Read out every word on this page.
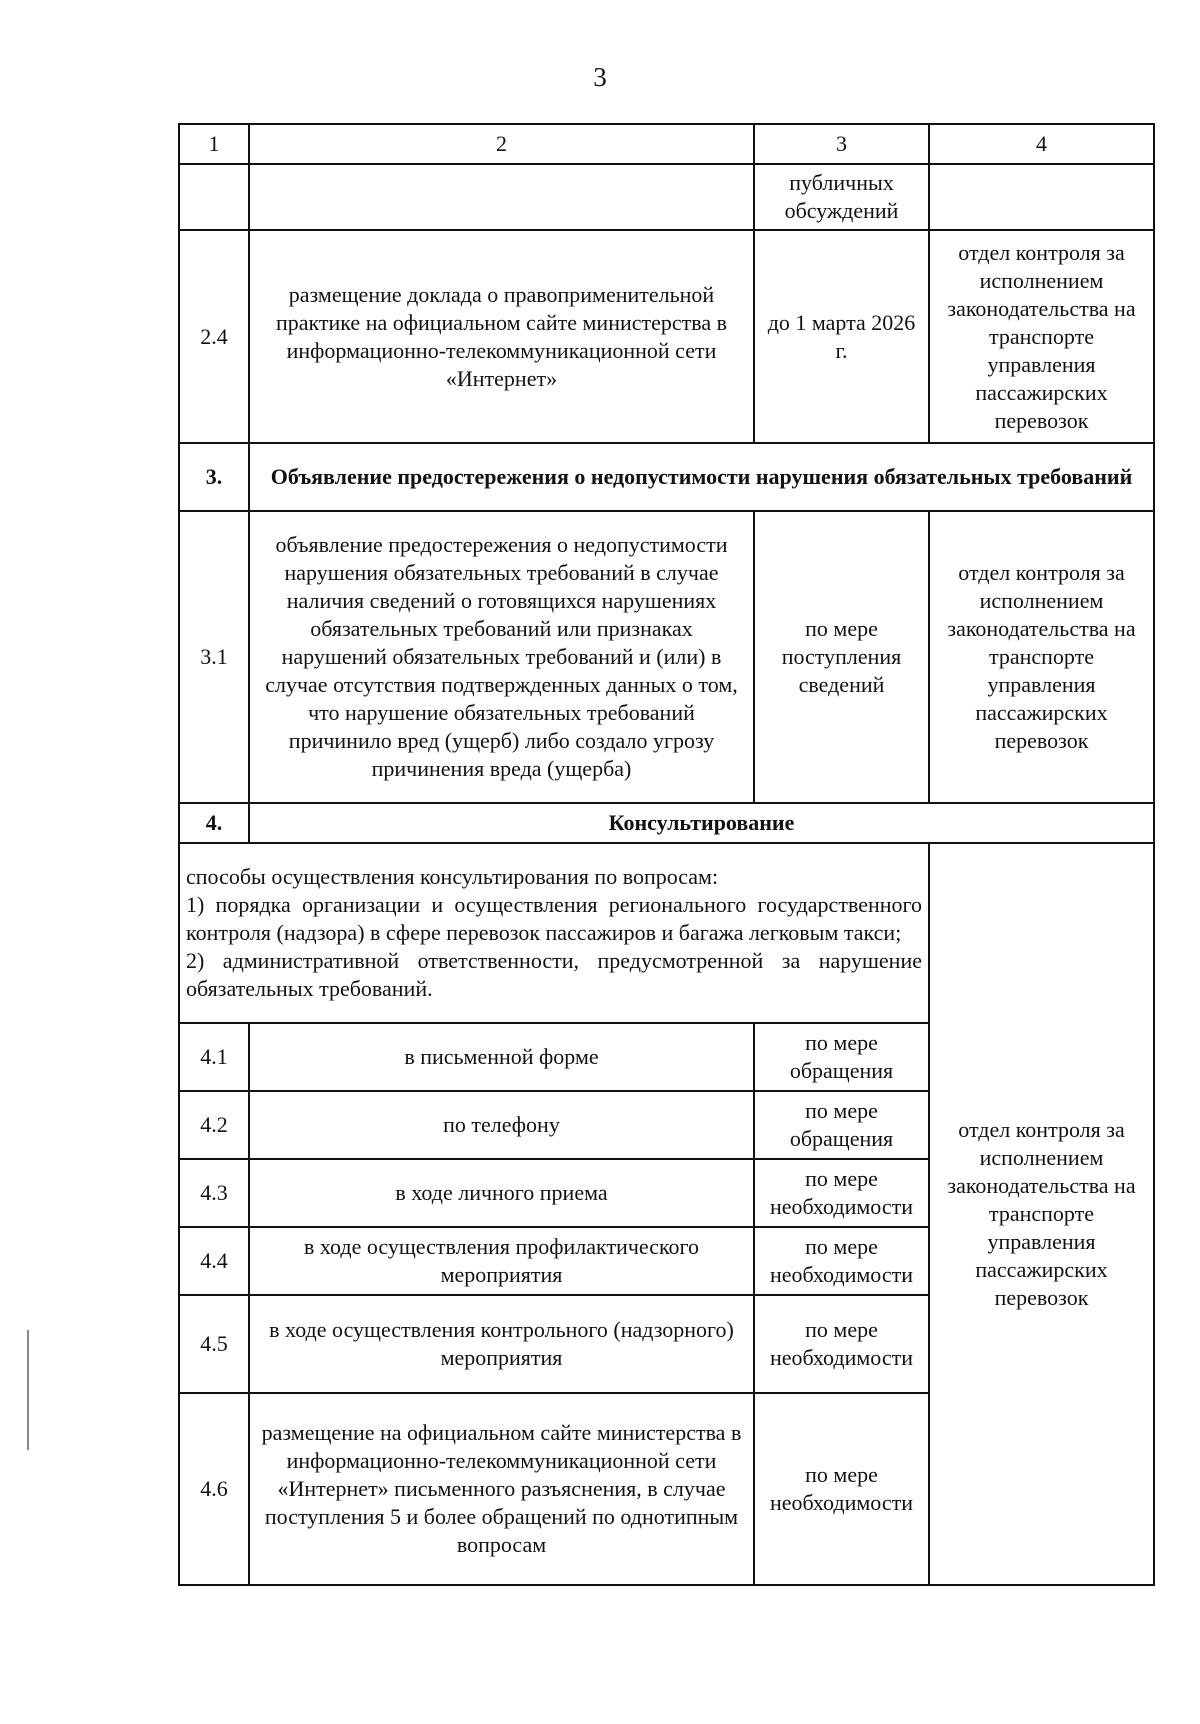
3
1	2	3	4
		публичных обсуждений	
2.4	размещение доклада о правоприменительной практике на официальном сайте министерства в информационно-телекоммуникационной сети «Интернет»	до 1 марта 2026 г.	отдел контроля за исполнением законодательства на транспорте управления пассажирских перевозок
3.	Объявление предостережения о недопустимости нарушения обязательных требований		
3.1	объявление предостережения о недопустимости нарушения обязательных требований в случае наличия сведений о готовящихся нарушениях обязательных требований или признаках нарушений обязательных требований и (или) в случае отсутствия подтвержденных данных о том, что нарушение обязательных требований причинило вред (ущерб) либо создало угрозу причинения вреда (ущерба)	по мере поступления сведений	отдел контроля за исполнением законодательства на транспорте управления пассажирских перевозок
4.	Консультирование		
способы осуществления консультирования по вопросам:
1) порядка организации и осуществления регионального государственного контроля (надзора) в сфере перевозок пассажиров и багажа легковым такси;
2) административной ответственности, предусмотренной за нарушение обязательных требований.			отдел контроля за исполнением законодательства на транспорте управления пассажирских перевозок
4.1	в письменной форме	по мере обращения	
4.2	по телефону	по мере обращения	
4.3	в ходе личного приема	по мере необходимости	
4.4	в ходе осуществления профилактического мероприятия	по мере необходимости	
4.5	в ходе осуществления контрольного (надзорного) мероприятия	по мере необходимости	
4.6	размещение на официальном сайте министерства в информационно-телекоммуникационной сети «Интернет» письменного разъяснения, в случае поступления 5 и более обращений по однотипным вопросам	по мере необходимости	
